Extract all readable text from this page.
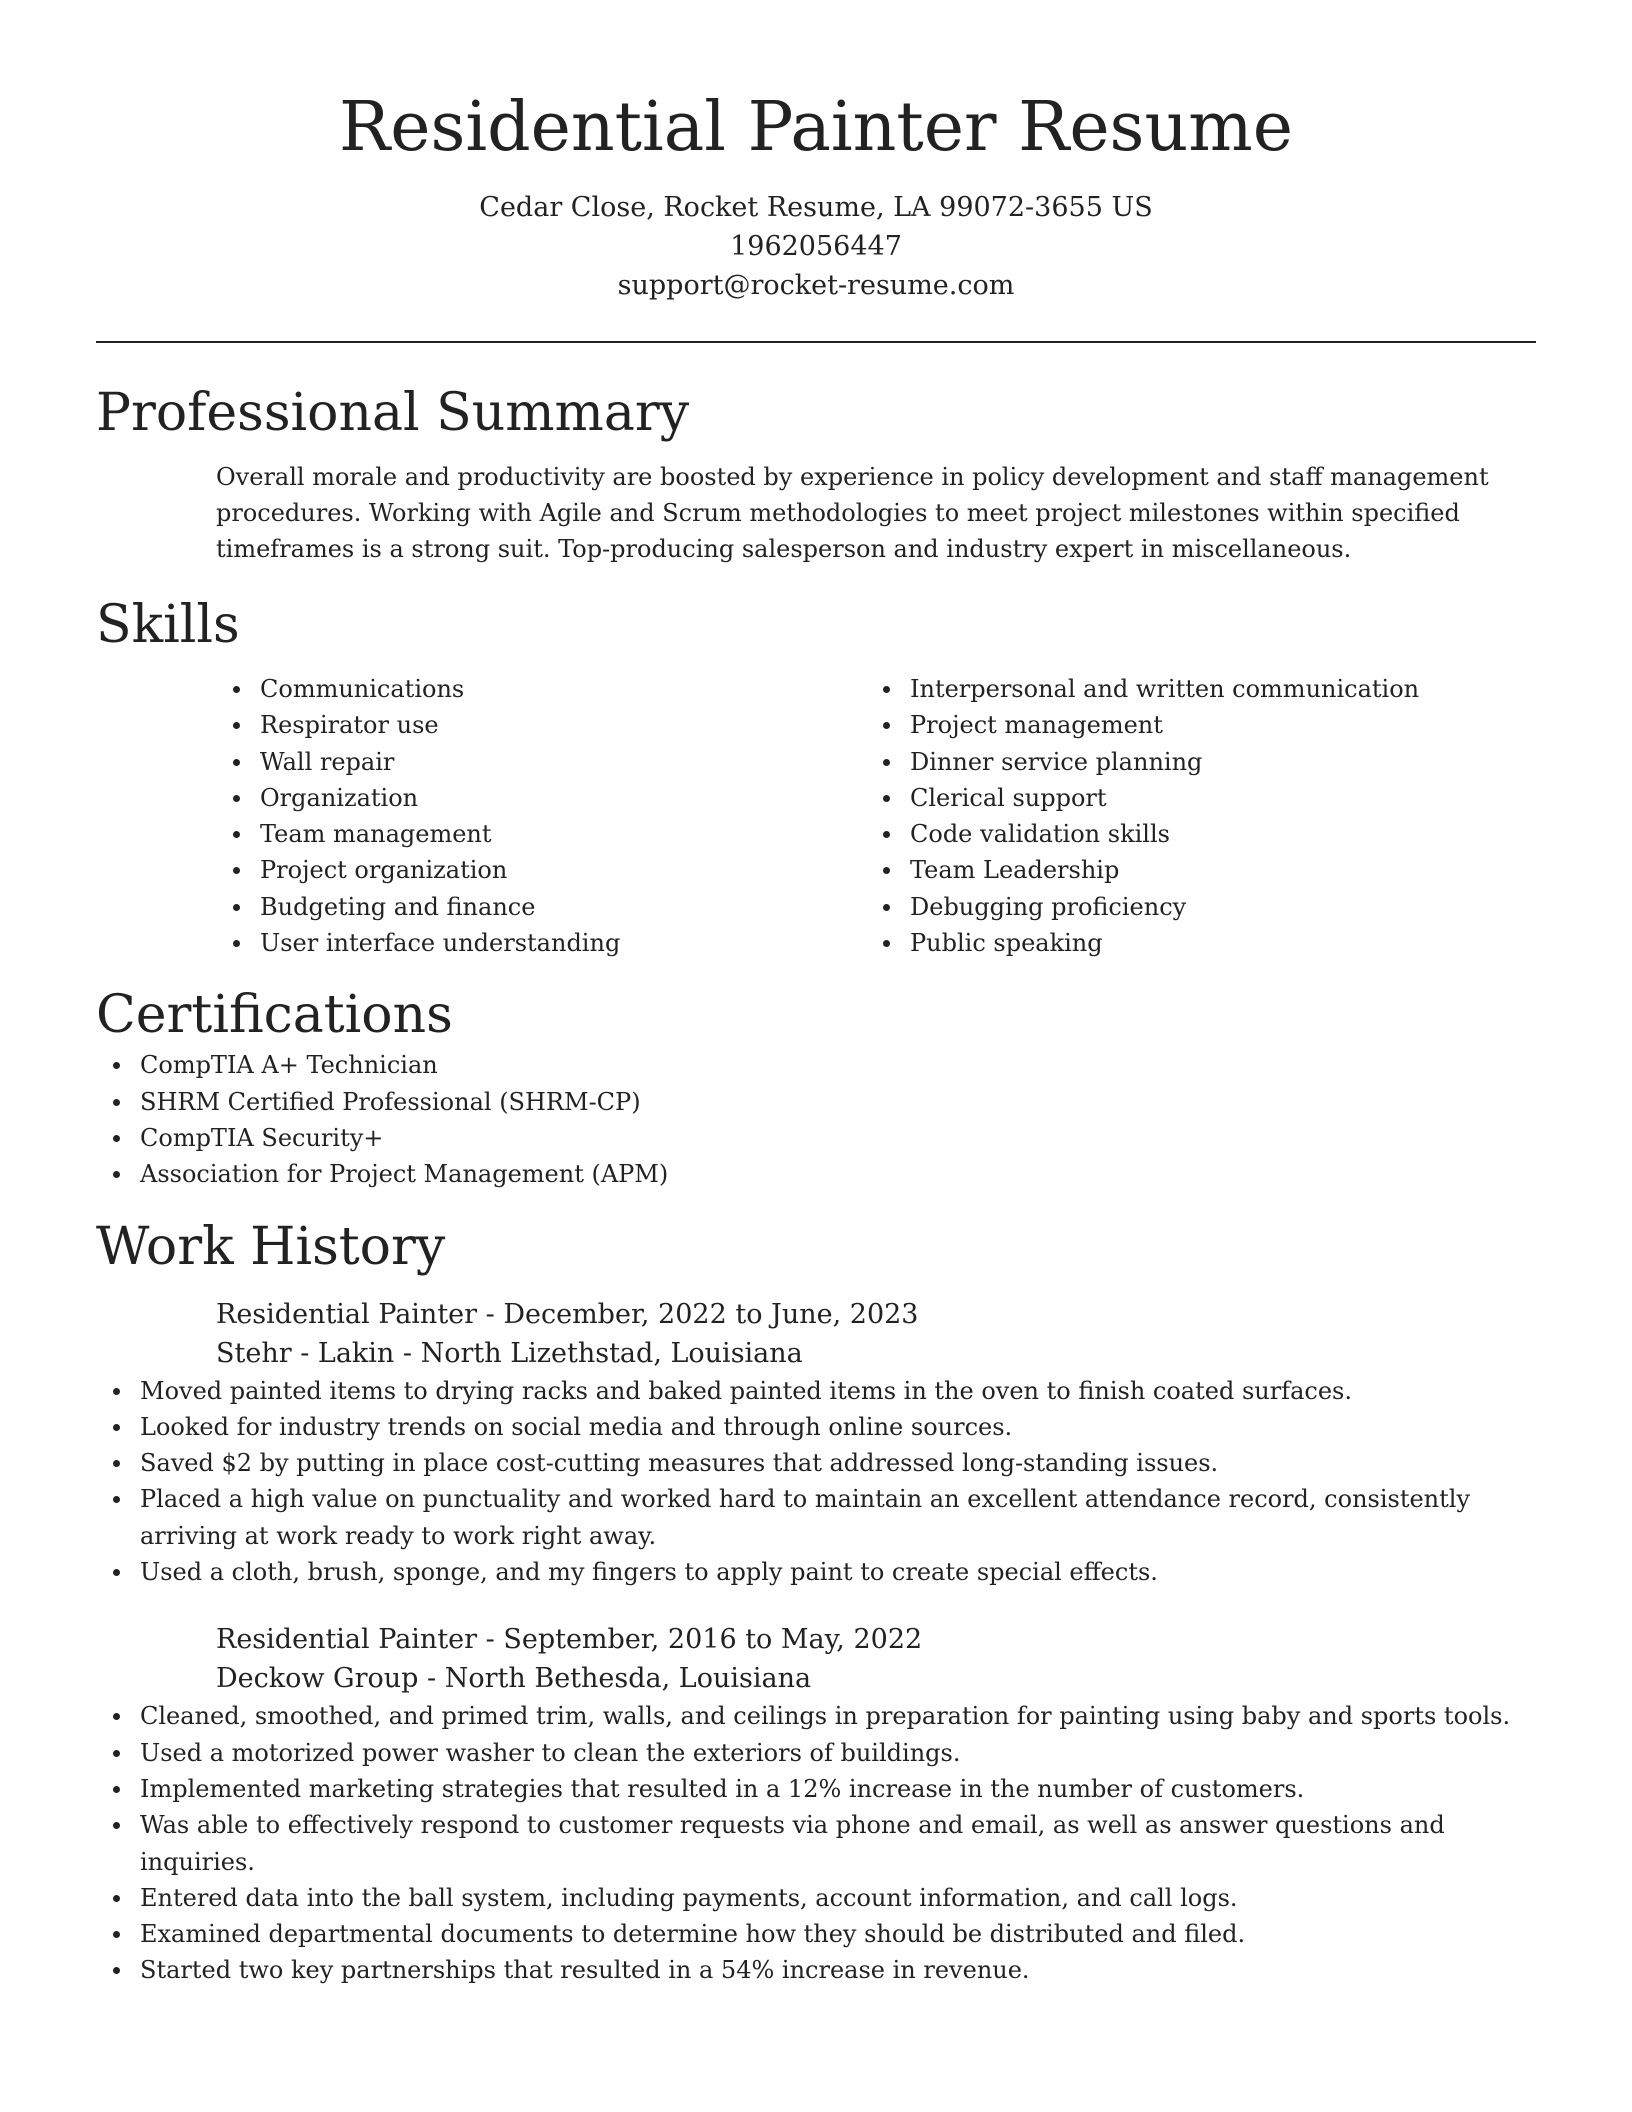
Residential Painter Resume

Cedar Close, Rocket Resume, LA 99072-3655 US

1962056447

support@rocket-resume.com

Professional Summary

Overall morale and productivity are boosted by experience in policy development and staff management procedures. Working with Agile and Scrum methodologies to meet project milestones within specified timeframes is a strong suit. Top-producing salesperson and industry expert in miscellaneous.

Skills
Communications
Respirator use
Wall repair
Organization
Team management
Project organization
Budgeting and finance
User interface understanding
Interpersonal and written communication
Project management
Dinner service planning
Clerical support
Code validation skills
Team Leadership
Debugging proficiency
Public speaking
Certifications
CompTIA A+ Technician
SHRM Certified Professional (SHRM-CP)
CompTIA Security+
Association for Project Management (APM)
Work History

Residential Painter - December, 2022 to June, 2023

Stehr - Lakin - North Lizethstad, Louisiana

Moved painted items to drying racks and baked painted items in the oven to finish coated surfaces.
Looked for industry trends on social media and through online sources.
Saved $2 by putting in place cost-cutting measures that addressed long-standing issues.
Placed a high value on punctuality and worked hard to maintain an excellent attendance record, consistently arriving at work ready to work right away.
Used a cloth, brush, sponge, and my fingers to apply paint to create special effects.

Residential Painter - September, 2016 to May, 2022

Deckow Group - North Bethesda, Louisiana

Cleaned, smoothed, and primed trim, walls, and ceilings in preparation for painting using baby and sports tools.
Used a motorized power washer to clean the exteriors of buildings.
Implemented marketing strategies that resulted in a 12% increase in the number of customers.
Was able to effectively respond to customer requests via phone and email, as well as answer questions and inquiries.
Entered data into the ball system, including payments, account information, and call logs.
Examined departmental documents to determine how they should be distributed and filed.
Started two key partnerships that resulted in a 54% increase in revenue.
